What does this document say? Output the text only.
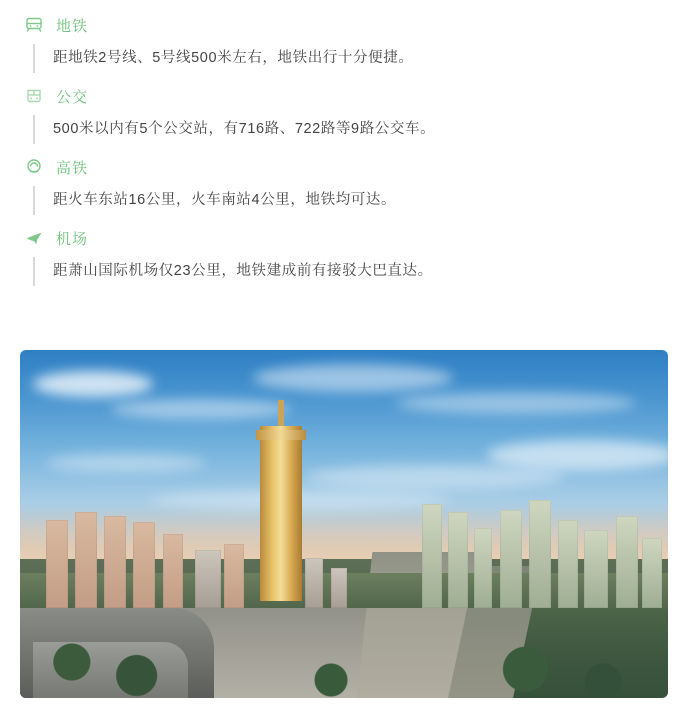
地铁
距地铁2号线、5号线500米左右，地铁出行十分便捷。
公交
500米以内有5个公交站，有716路、722路等9路公交车。
高铁
距火车东站16公里，火车南站4公里，地铁均可达。
机场
距萧山国际机场仅23公里，地铁建成前有接驳大巴直达。
